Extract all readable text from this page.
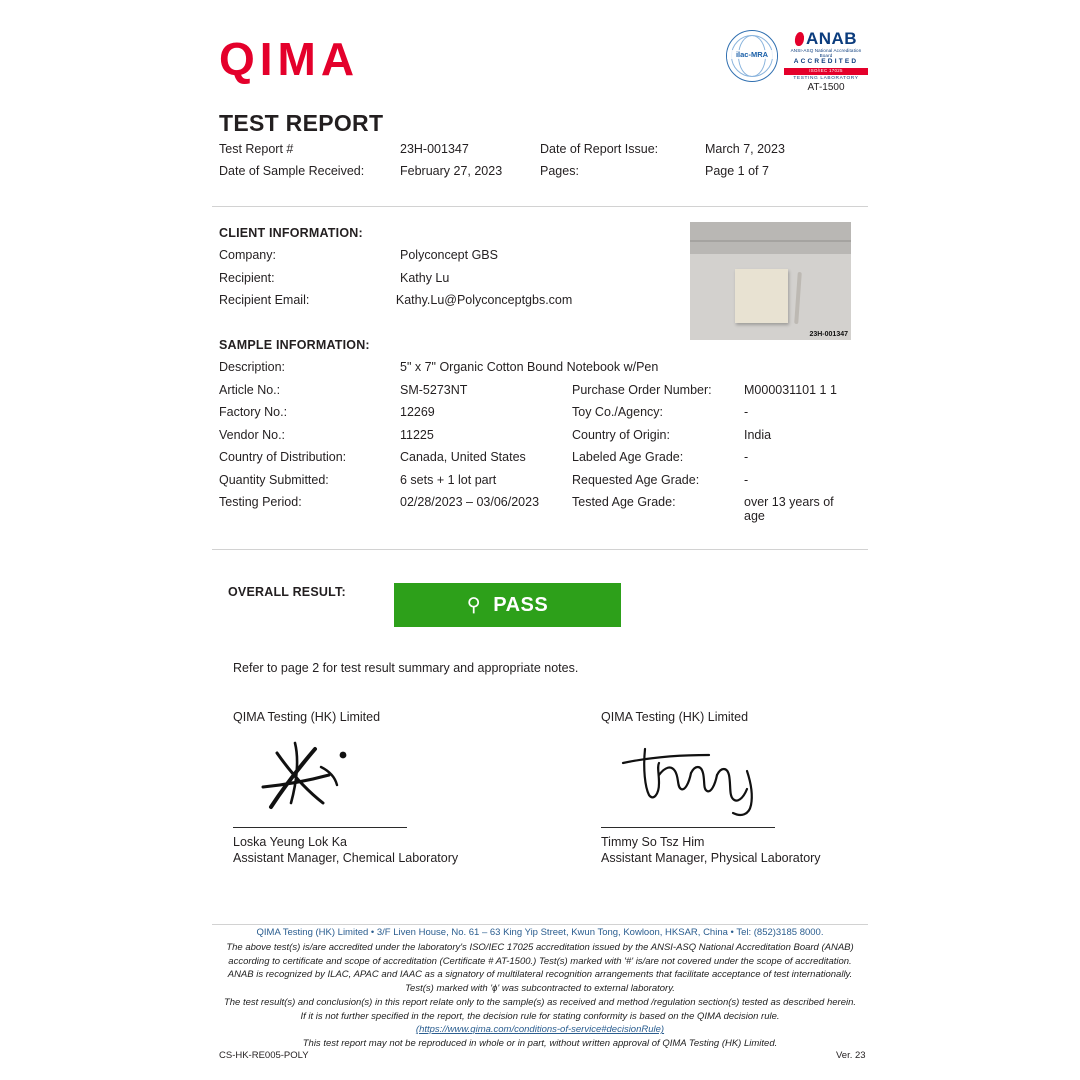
QIMA	ilac-MRA
ANAB
ANSI-ASQ National Accreditation Board
ACCREDITED
ISO/IEC 17025
TESTING LABORATORY
AT-1500
TEST REPORT
Test Report #	23H-001347	Date of Report Issue:	March 7, 2023
Date of Sample Received:	February 27, 2023	Pages:	Page 1 of 7
CLIENT INFORMATION:
Company:	Polyconcept GBS
Recipient:	Kathy Lu
Recipient Email:	Kathy.Lu@Polyconceptgbs.com
23H-001347
SAMPLE INFORMATION:
Description:	5" x 7" Organic Cotton Bound Notebook w/Pen
Article No.:	SM-5273NT	Purchase Order Number:	M000031101 1 1
Factory No.:	12269	Toy Co./Agency:	-
Vendor No.:	11225	Country of Origin:	India
Country of Distribution:	Canada, United States	Labeled Age Grade:	-
Quantity Submitted:	6 sets + 1 lot part	Requested Age Grade:	-
Testing Period:	02/28/2023 – 03/06/2023	Tested Age Grade:	over 13 years of age
OVERALL RESULT:
⚲ PASS
Refer to page 2 for test result summary and appropriate notes.
QIMA Testing (HK) Limited
Loska Yeung Lok Ka
Assistant Manager, Chemical Laboratory
QIMA Testing (HK) Limited
Timmy So Tsz Him
Assistant Manager, Physical Laboratory
QIMA Testing (HK) Limited • 3/F Liven House, No. 61 – 63 King Yip Street, Kwun Tong, Kowloon, HKSAR, China • Tel: (852)3185 8000.
The above test(s) is/are accredited under the laboratory's ISO/IEC 17025 accreditation issued by the ANSI-ASQ National Accreditation Board (ANAB)
according to certificate and scope of accreditation (Certificate # AT-1500.) Test(s) marked with '#' is/are not covered under the scope of accreditation.
ANAB is recognized by ILAC, APAC and IAAC as a signatory of multilateral recognition arrangements that facilitate acceptance of test internationally.
Test(s) marked with 'ɸ' was subcontracted to external laboratory.
The test result(s) and conclusion(s) in this report relate only to the sample(s) as received and method /regulation section(s) tested as described herein.
If it is not further specified in the report, the decision rule for stating conformity is based on the QIMA decision rule.
(https://www.qima.com/conditions-of-service#decisionRule)
This test report may not be reproduced in whole or in part, without written approval of QIMA Testing (HK) Limited.
CS-HK-RE005-POLY	Ver. 23
